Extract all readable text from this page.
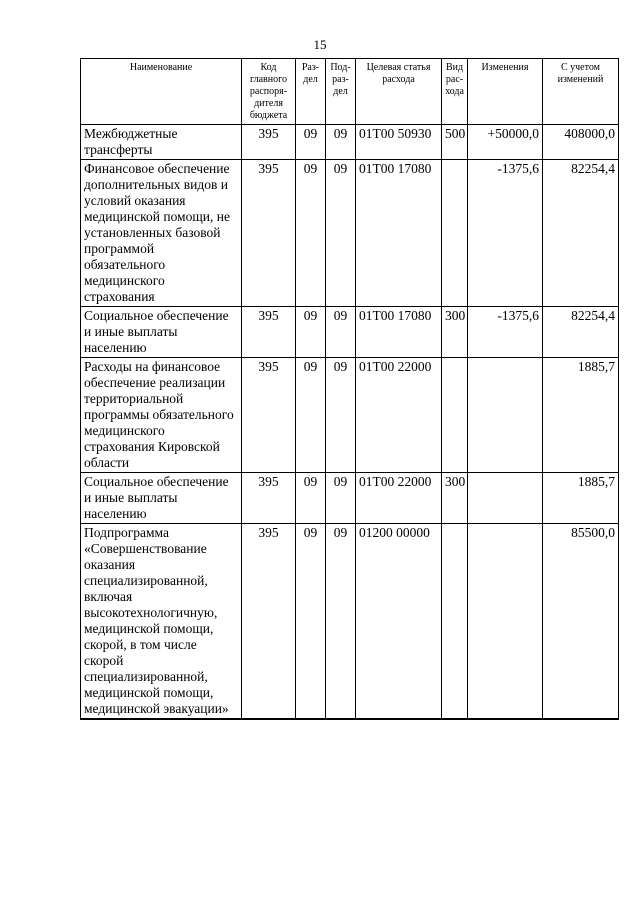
15
Наименование	Код главного распоря-дителя бюджета	Раз-дел	Под-раз-дел	Целевая статья расхода	Вид рас-хода	Изменения	С учетом изменений
Межбюджетные трансферты	395	09	09	01Т00 50930	500	+50000,0	408000,0
Финансовое обеспечение дополнительных видов и условий оказания медицинской помощи, не установленных базовой программой обязательного медицинского страхования	395	09	09	01Т00 17080		-1375,6	82254,4
Социальное обеспечение и иные выплаты населению	395	09	09	01Т00 17080	300	-1375,6	82254,4
Расходы на финансовое обеспечение реализации территориальной программы обязательного медицинского страхования Кировской области	395	09	09	01Т00 22000			1885,7
Социальное обеспечение и иные выплаты населению	395	09	09	01Т00 22000	300		1885,7
Подпрограмма «Совершенствование оказания специализированной, включая высокотехнологичную, медицинской помощи, скорой, в том числе скорой специализированной, медицинской помощи, медицинской эвакуации»	395	09	09	01200 00000			85500,0
